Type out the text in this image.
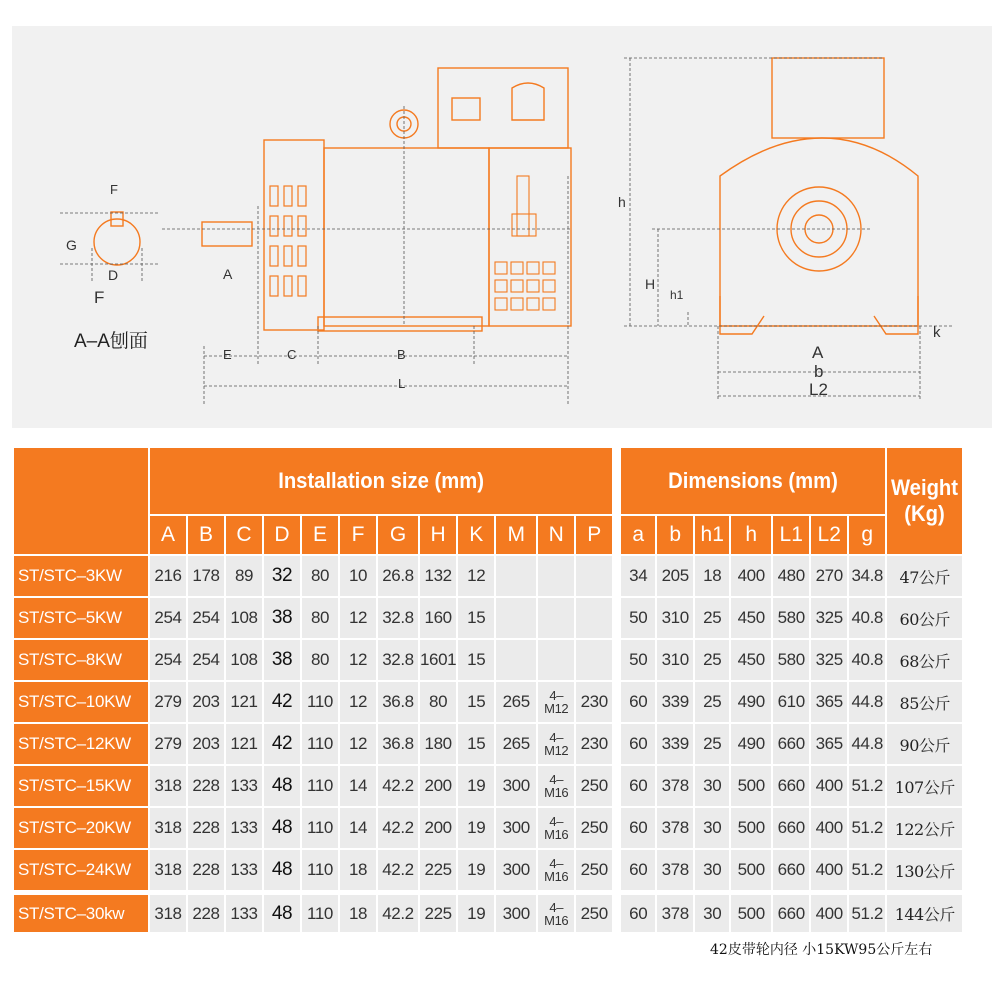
F
G
D
F
A–A刨面
A
E	C	B
L
h
H
h1
k
A
b
L2

	Installation size (mm)													Dimensions (mm)							Weight
(Kg)

	A	B	C	D	E	F	G	H	K	M	N	P		a	b	h1	h	L1	L2	g	
ST/STC–3KW	216	178	89	32	80	10	26.8	132	12					34	205	18	400	480	270	34.8	47公斤
ST/STC–5KW	254	254	108	38	80	12	32.8	160	15					50	310	25	450	580	325	40.8	60公斤
ST/STC–8KW	254	254	108	38	80	12	32.8	1601	15					50	310	25	450	580	325	40.8	68公斤
ST/STC–10KW	279	203	121	42	110	12	36.8	80	15	265	4–
M12	230		60	339	25	490	610	365	44.8	85公斤
ST/STC–12KW	279	203	121	42	110	12	36.8	180	15	265	4–
M12	230		60	339	25	490	660	365	44.8	90公斤
ST/STC–15KW	318	228	133	48	110	14	42.2	200	19	300	4–
M16	250		60	378	30	500	660	400	51.2	107公斤
ST/STC–20KW	318	228	133	48	110	14	42.2	200	19	300	4–
M16	250		60	378	30	500	660	400	51.2	122公斤
ST/STC–24KW	318	228	133	48	110	18	42.2	225	19	300	4–
M16	250		60	378	30	500	660	400	51.2	130公斤
ST/STC–30kw	318	228	133	48	110	18	42.2	225	19	300	4–
M16	250		60	378	30	500	660	400	51.2	144公斤
42皮带轮内径 小15KW95公斤左右
